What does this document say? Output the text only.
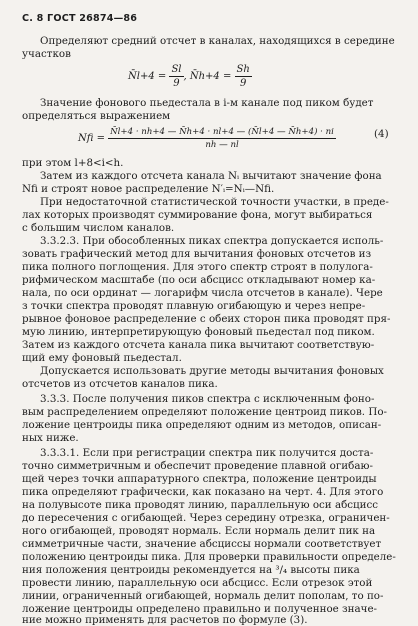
С. 8 ГОСТ 26874—86
Определяют средний отсчет в каналах, находящихся в середине
участков
N̄l+4 = $\frac{Sl}{9}$ , N̄h+4 = $\frac{Sh}{9}$
Значение фонового пьедестала в i-м канале под пиком будет
определяться выражением
Nfi = $\frac{N̄l+4 \cdot nh+4 — N̄h+4 \cdot nl+4 — (N̄l+4 — N̄h+4) \cdot ni}{nh — nl}$	(4)
при этом l+8<i<h.
Затем из каждого отсчета канала Nᵢ вычитают значение фона
Nfi и строят новое распределение N′ᵢ=Nᵢ—Nfi.
При недостаточной статистической точности участки, в преде-
лах которых производят суммирование фона, могут выбираться
с большим числом каналов.
3.3.2.3. При обособленных пиках спектра допускается исполь-
зовать графический метод для вычитания фоновых отсчетов из
пика полного поглощения. Для этого спектр строят в полулога-
рифмическом масштабе (по оси абсцисс откладывают номер ка-
нала, по оси ординат — логарифм числа отсчетов в канале). Чере
з точки спектра проводят плавную огибающую и через непре-
рывное фоновое распределение с обеих сторон пика проводят пря-
мую линию, интерпретирующую фоновый пьедестал под пиком.
Затем из каждого отсчета канала пика вычитают соответствую-
щий ему фоновый пьедестал.
Допускается использовать другие методы вычитания фоновых
отсчетов из отсчетов каналов пика.
3.3.3. После получения пиков спектра с исключенным фоно-
вым распределением определяют положение центроид пиков. По-
ложение центроиды пика определяют одним из методов, описан-
ных ниже.
3.3.3.1. Если при регистрации спектра пик получится доста-
точно симметричным и обеспечит проведение плавной огибаю-
щей через точки аппаратурного спектра, положение центроиды
пика определяют графически, как показано на черт. 4. Для этого
на полувысоте пика проводят линию, параллельную оси абсцисс
до пересечения с огибающей. Через середину отрезка, ограничен-
ного огибающей, проводят нормаль. Если нормаль делит пик на
симметричные части, значение абсциссы нормали соответствует
положению центроиды пика. Для проверки правильности определе-
ния положения центроиды рекомендуется на ³/₄ высоты пика
провести линию, параллельную оси абсцисс. Если отрезок этой
линии, ограниченный огибающей, нормаль делит пополам, то по-
ложение центроиды определено правильно и полученное значе-
ние можно применять для расчетов по формуле (3).
